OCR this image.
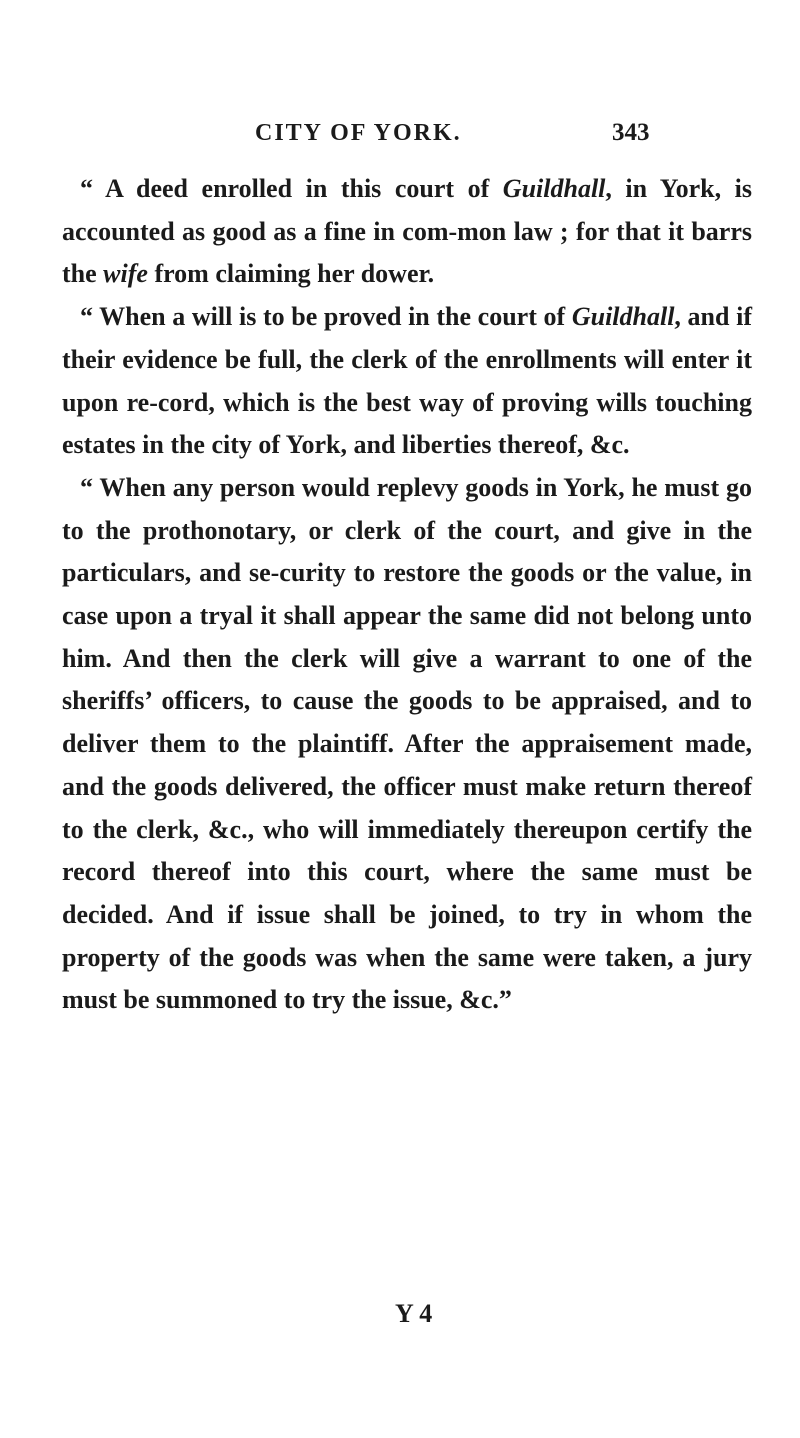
CITY OF YORK.	343

“ A deed enrolled in this court of Guildhall, in York, is accounted as good as a fine in com-mon law ; for that it barrs the wife from claiming her dower.

“ When a will is to be proved in the court of Guildhall, and if their evidence be full, the clerk of the enrollments will enter it upon re-cord, which is the best way of proving wills touching estates in the city of York, and liberties thereof, &c.

“ When any person would replevy goods in York, he must go to the prothonotary, or clerk of the court, and give in the particulars, and se-curity to restore the goods or the value, in case upon a tryal it shall appear the same did not belong unto him. And then the clerk will give a warrant to one of the sheriffs’ officers, to cause the goods to be appraised, and to deliver them to the plaintiff. After the appraisement made, and the goods delivered, the officer must make return thereof to the clerk, &c., who will immediately thereupon certify the record thereof into this court, where the same must be decided. And if issue shall be joined, to try in whom the property of the goods was when the same were taken, a jury must be summoned to try the issue, &c.”

Y 4
